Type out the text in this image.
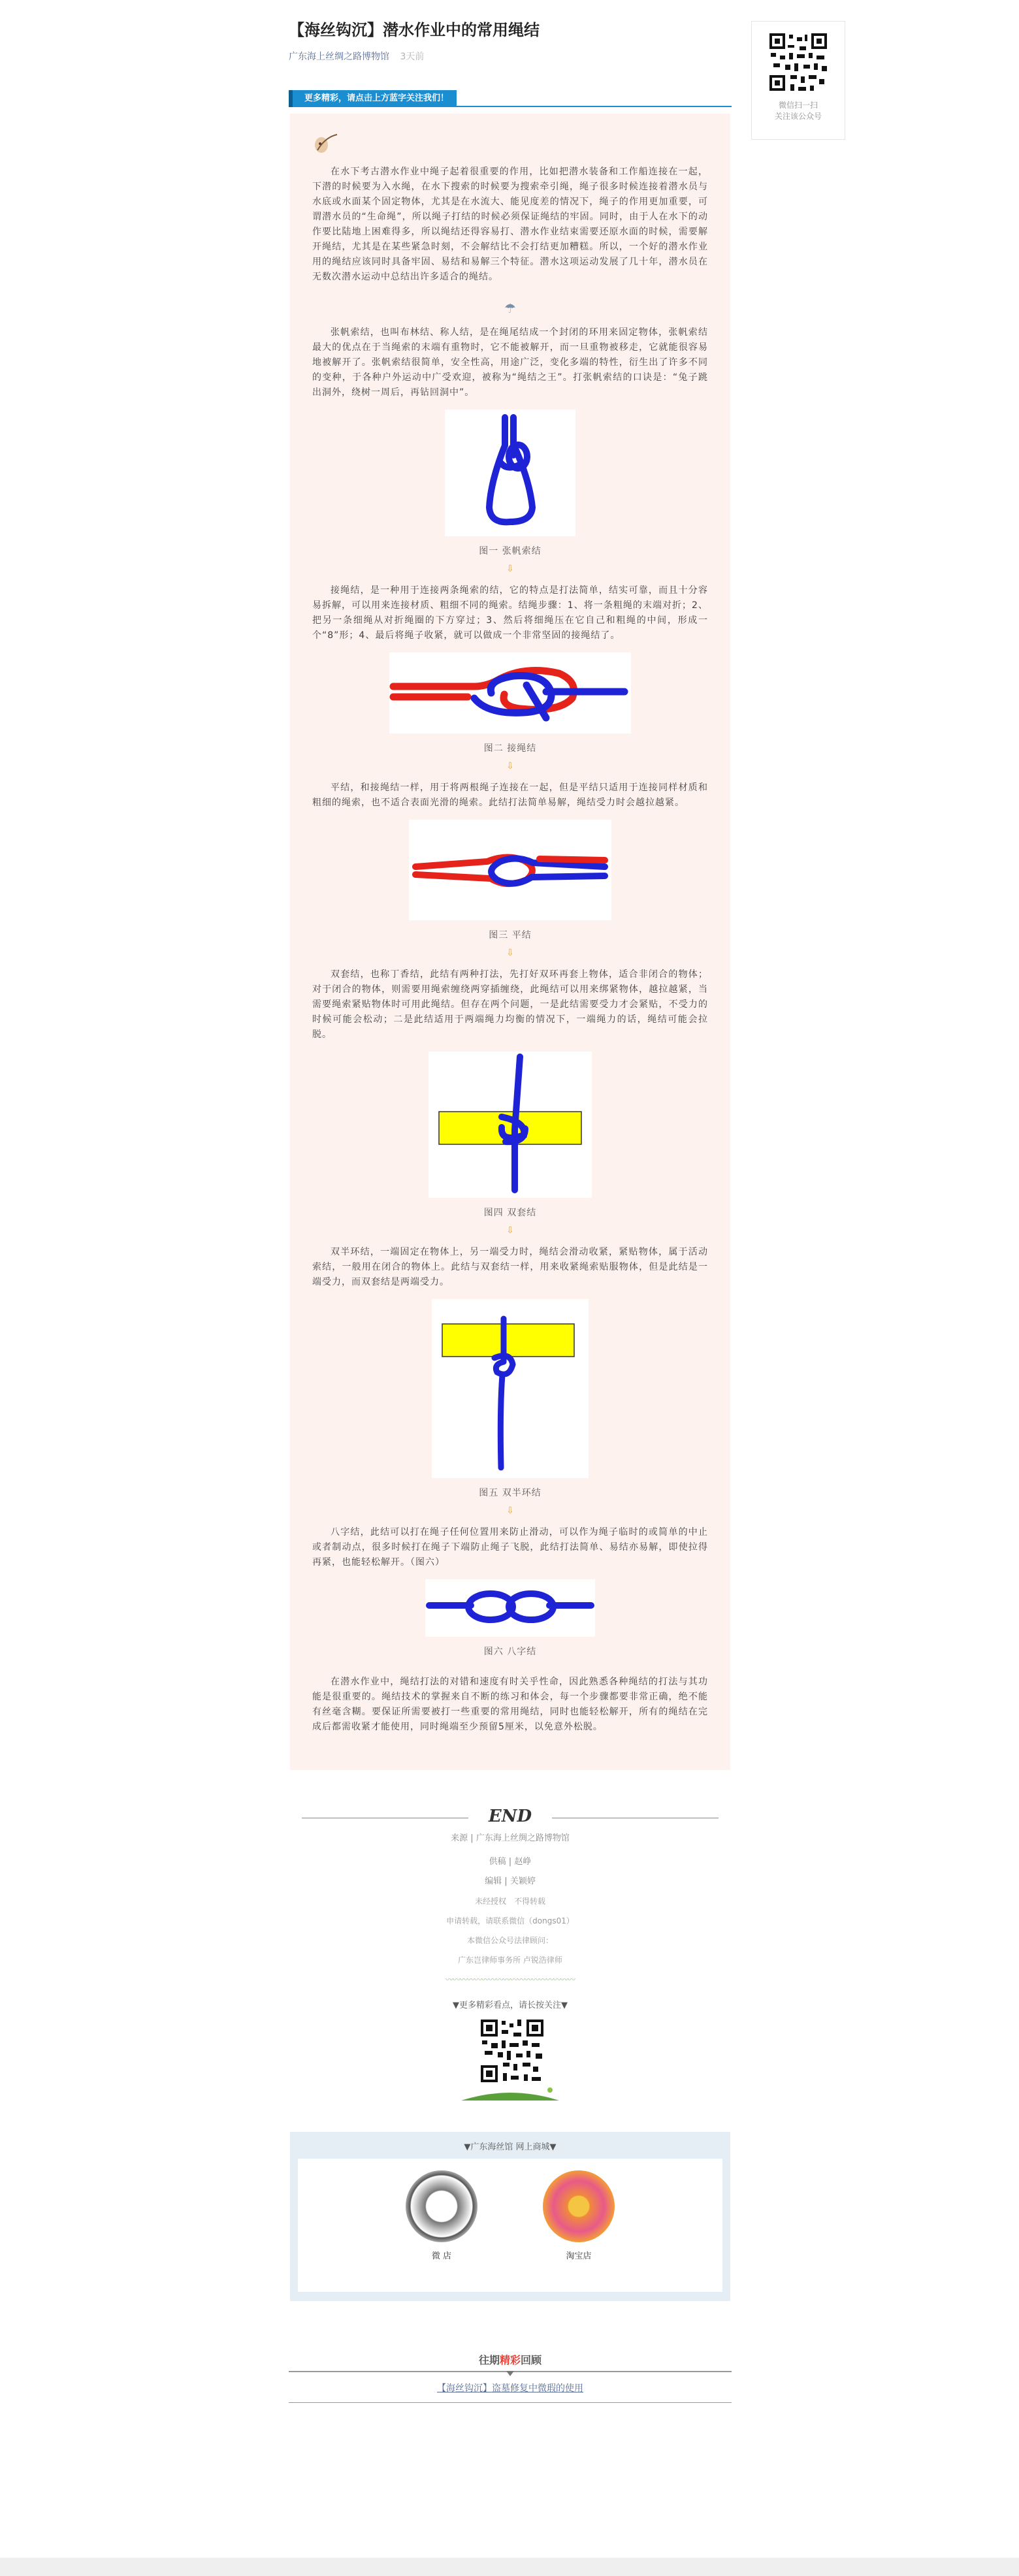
【海丝钩沉】潜水作业中的常用绳结
广东海上丝绸之路博物馆 3天前
更多精彩，请点击上方蓝字关注我们！

在水下考古潜水作业中绳子起着很重要的作用，比如把潜水装备和工作船连接在一起，下潜的时候要为入水绳，在水下搜索的时候要为搜索牵引绳，绳子很多时候连接着潜水员与水底或水面某个固定物体，尤其是在水流大、能见度差的情况下，绳子的作用更加重要，可谓潜水员的“生命绳”，所以绳子打结的时候必须保证绳结的牢固。同时，由于人在水下的动作要比陆地上困难得多，所以绳结还得容易打、潜水作业结束需要还原水面的时候，需要解开绳结，尤其是在某些紧急时刻，不会解结比不会打结更加糟糕。所以，一个好的潜水作业用的绳结应该同时具备牢固、易结和易解三个特征。潜水这项运动发展了几十年，潜水员在无数次潜水运动中总结出许多适合的绳结。

☂

张帆索结，也叫布林结、称人结，是在绳尾结成一个封闭的环用来固定物体，张帆索结最大的优点在于当绳索的末端有重物时，它不能被解开，而一旦重物被移走，它就能很容易地被解开了。张帆索结很简单，安全性高，用途广泛，变化多端的特性，衍生出了许多不同的变种，于各种户外运动中广受欢迎，被称为“绳结之王”。打张帆索结的口诀是：“兔子跳出洞外，绕树一周后，再钻回洞中”。

图一 张帆索结
⇩

接绳结，是一种用于连接两条绳索的结，它的特点是打法简单，结实可靠，而且十分容易拆解，可以用来连接材质、粗细不同的绳索。结绳步骤：1、将一条粗绳的末端对折；2、把另一条细绳从对折绳圈的下方穿过；3、然后将细绳压在它自己和粗绳的中间，形成一个“8”形；4、最后将绳子收紧，就可以做成一个非常坚固的接绳结了。

图二 接绳结
⇩

平结，和接绳结一样，用于将两根绳子连接在一起，但是平结只适用于连接同样材质和粗细的绳索，也不适合表面光滑的绳索。此结打法简单易解，绳结受力时会越拉越紧。

图三 平结
⇩

双套结，也称丁香结，此结有两种打法，先打好双环再套上物体，适合非闭合的物体；对于闭合的物体，则需要用绳索缠绕两穿插缠绕，此绳结可以用来绑紧物体，越拉越紧，当需要绳索紧贴物体时可用此绳结。但存在两个问题，一是此结需要受力才会紧贴，不受力的时候可能会松动；二是此结适用于两端绳力均衡的情况下，一端绳力的话，绳结可能会拉脱。

图四 双套结
⇩

双半环结，一端固定在物体上，另一端受力时，绳结会滑动收紧，紧贴物体，属于活动索结，一般用在闭合的物体上。此结与双套结一样，用来收紧绳索贴服物体，但是此结是一端受力，而双套结是两端受力。

图五 双半环结
⇩

八字结，此结可以打在绳子任何位置用来防止滑动，可以作为绳子临时的或简单的中止或者制动点，很多时候打在绳子下端防止绳子飞脱，此结打法简单、易结亦易解，即使拉得再紧，也能轻松解开。（图六）

图六 八字结

在潜水作业中，绳结打法的对错和速度有时关乎性命，因此熟悉各种绳结的打法与其功能是很重要的。绳结技术的掌握来自不断的练习和体会，每一个步骤都要非常正确，绝不能有丝毫含糊。要保证所需要被打一些重要的常用绳结，同时也能轻松解开，所有的绳结在完成后都需收紧才能使用，同时绳端至少预留5厘米，以免意外松脱。

END
来源 | 广东海上丝绸之路博物馆
供稿 | 赵峥
编辑 | 关颖婷
未经授权　不得转载
申请转载，请联系微信（dongs01）
本微信公众号法律顾问：
广东岂律师事务所 卢锐浩律师
〰〰〰〰〰〰〰〰〰〰〰〰〰〰〰〰〰〰
▼更多精彩看点，请长按关注▼
▼广东海丝馆 网上商城▼
微 店	淘宝店
往期精彩回顾
【海丝钩沉】盗墓修复中微瑕的使用
微信扫一扫
关注该公众号
